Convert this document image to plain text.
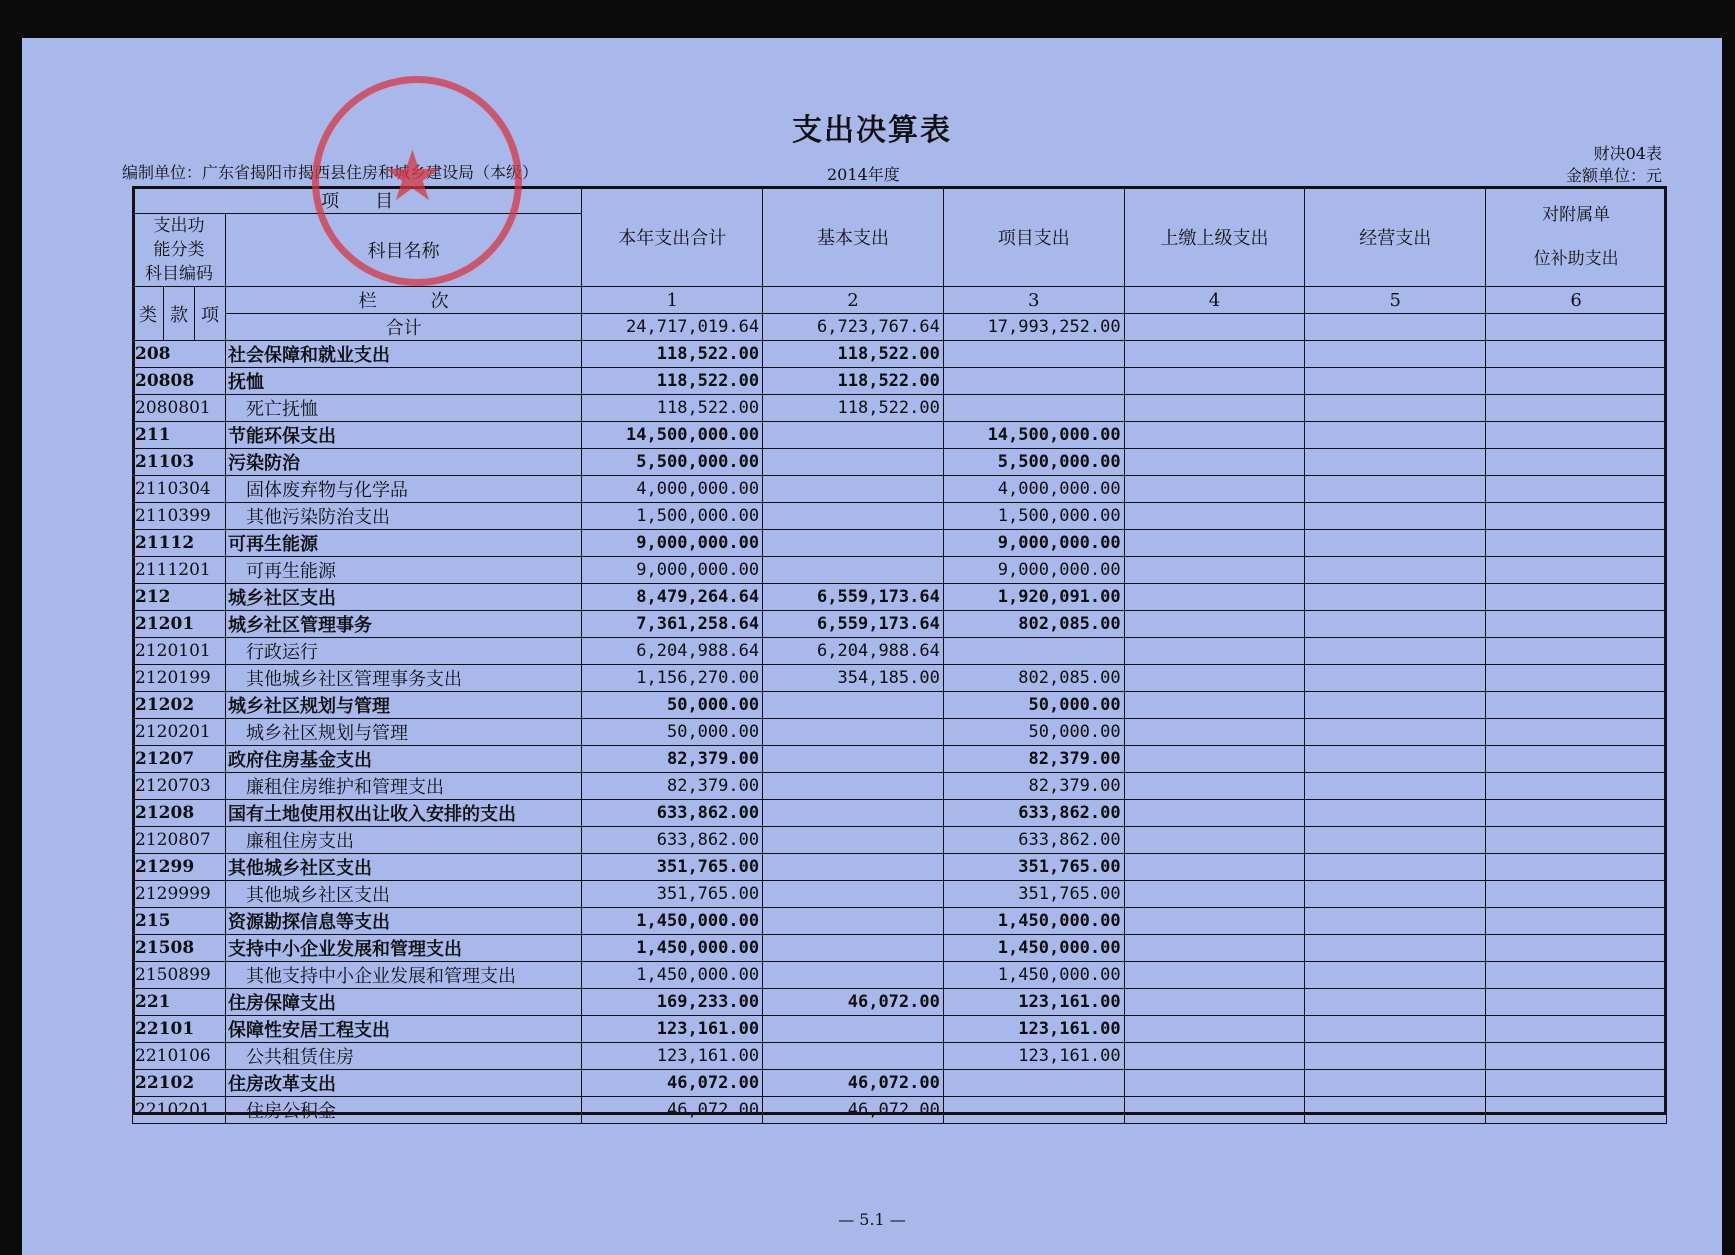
支出决算表
财决04表
编制单位：广东省揭阳市揭西县住房和城乡建设局（本级）	2014年度	金额单位：元
项　　目				本年支出合计	基本支出	项目支出	上缴上级支出	经营支出	对附属单
位补助支出

支出功
能分类
科目编码			科目名称						

类	款	项	栏　　　次	1	2	3	4	5	6
			合计	24,717,019.64	6,723,767.64	17,993,252.00			
208			社会保障和就业支出	118,522.00	118,522.00				
20808			抚恤	118,522.00	118,522.00				
2080801			死亡抚恤	118,522.00	118,522.00				
211			节能环保支出	14,500,000.00		14,500,000.00			
21103			污染防治	5,500,000.00		5,500,000.00			
2110304			固体废弃物与化学品	4,000,000.00		4,000,000.00			
2110399			其他污染防治支出	1,500,000.00		1,500,000.00			
21112			可再生能源	9,000,000.00		9,000,000.00			
2111201			可再生能源	9,000,000.00		9,000,000.00			
212			城乡社区支出	8,479,264.64	6,559,173.64	1,920,091.00			
21201			城乡社区管理事务	7,361,258.64	6,559,173.64	802,085.00			
2120101			行政运行	6,204,988.64	6,204,988.64				
2120199			其他城乡社区管理事务支出	1,156,270.00	354,185.00	802,085.00			
21202			城乡社区规划与管理	50,000.00		50,000.00			
2120201			城乡社区规划与管理	50,000.00		50,000.00			
21207			政府住房基金支出	82,379.00		82,379.00			
2120703			廉租住房维护和管理支出	82,379.00		82,379.00			
21208			国有土地使用权出让收入安排的支出	633,862.00		633,862.00			
2120807			廉租住房支出	633,862.00		633,862.00			
21299			其他城乡社区支出	351,765.00		351,765.00			
2129999			其他城乡社区支出	351,765.00		351,765.00			
215			资源勘探信息等支出	1,450,000.00		1,450,000.00			
21508			支持中小企业发展和管理支出	1,450,000.00		1,450,000.00			
2150899			其他支持中小企业发展和管理支出	1,450,000.00		1,450,000.00			
221			住房保障支出	169,233.00	46,072.00	123,161.00			
22101			保障性安居工程支出	123,161.00		123,161.00			
2210106			公共租赁住房	123,161.00		123,161.00			
22102			住房改革支出	46,072.00	46,072.00				
2210201			住房公积金	46,072.00	46,072.00				
★
— 5.1 —
